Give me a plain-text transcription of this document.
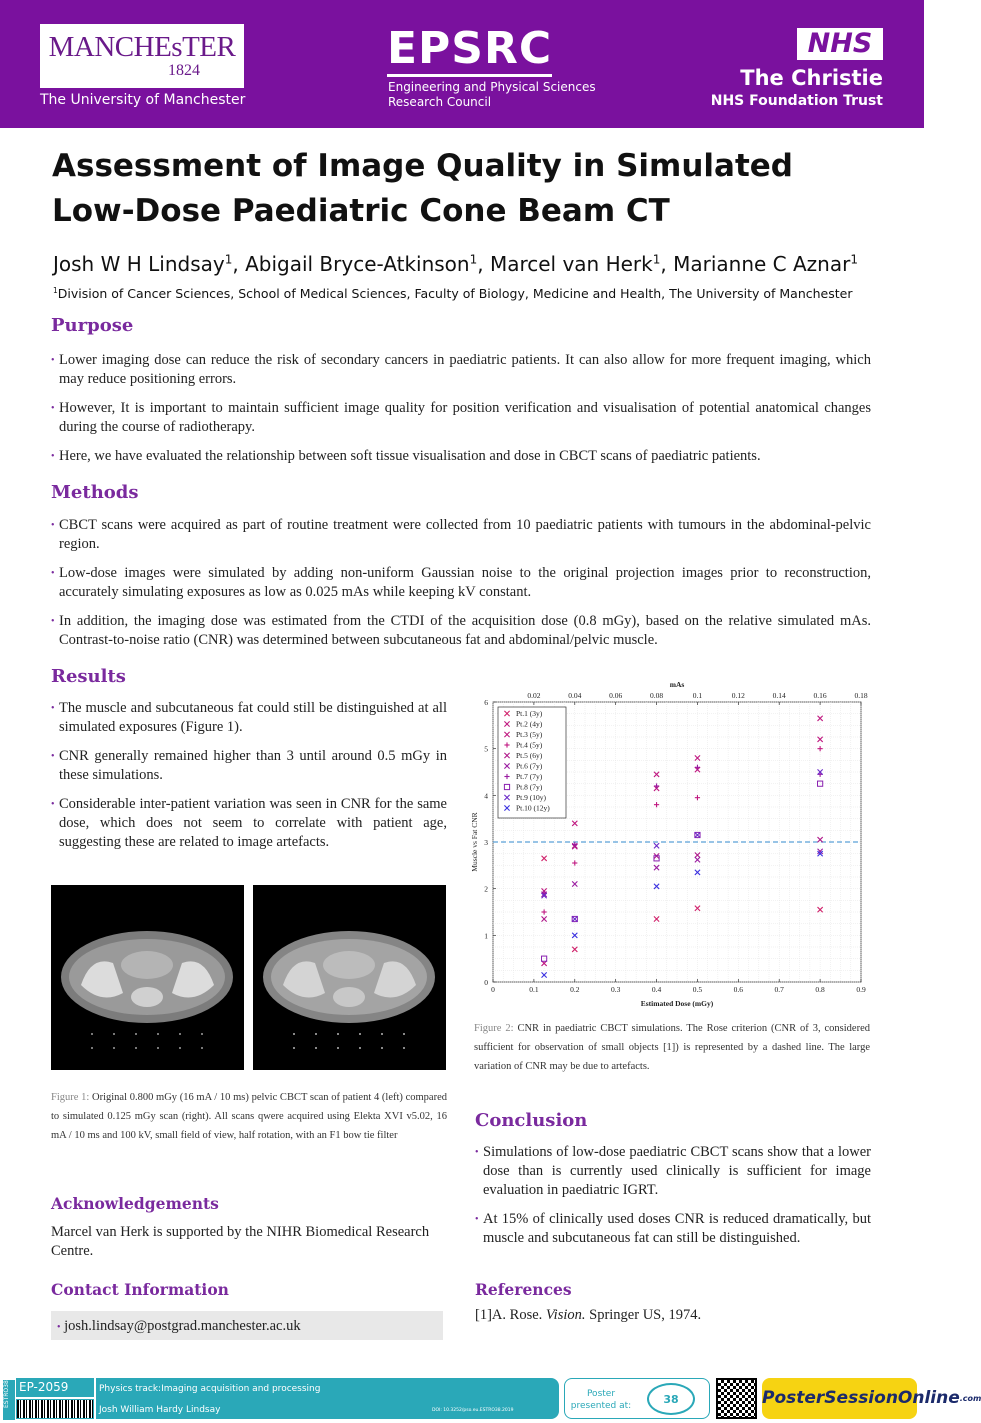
MANCHEsTER
1824
The University of Manchester
EPSRC
Engineering and Physical Sciences
Research Council
NHS
The Christie
NHS Foundation Trust
Assessment of Image Quality in Simulated
Low-Dose Paediatric Cone Beam CT
Josh W H Lindsay$^1$, Abigail Bryce-Atkinson$^1$, Marcel van Herk$^1$, Marianne C Aznar$^1$
$^1$Division of Cancer Sciences, School of Medical Sciences, Faculty of Biology, Medicine and Health, The University of Manchester
Purpose
• Lower imaging dose can reduce the risk of secondary cancers in paediatric patients. It can also allow for more frequent imaging, which may reduce positioning errors.
• However, It is important to maintain sufficient image quality for position verification and visualisation of potential anatomical changes during the course of radiotherapy.
• Here, we have evaluated the relationship between soft tissue visualisation and dose in CBCT scans of paediatric patients.
Methods
• CBCT scans were acquired as part of routine treatment were collected from 10 paediatric patients with tumours in the abdominal-pelvic region.
• Low-dose images were simulated by adding non-uniform Gaussian noise to the original projection images prior to reconstruction, accurately simulating exposures as low as 0.025 mAs while keeping kV constant.
• In addition, the imaging dose was estimated from the CTDI of the acquisition dose (0.8 mGy), based on the relative simulated mAs. Contrast-to-noise ratio (CNR) was determined between subcutaneous fat and abdominal/pelvic muscle.
Results
• The muscle and subcutaneous fat could still be distinguished at all simulated exposures (Figure 1).
• CNR generally remained higher than 3 until around 0.5 mGy in these simulations.
• Considerable inter-patient variation was seen in CNR for the same dose, which does not seem to correlate with patient age, suggesting these are related to image artefacts.
Figure 1: Original 0.800 mGy (16 mA / 10 ms) pelvic CBCT scan of patient 4 (left) compared to simulated 0.125 mGy scan (right). All scans qwere acquired using Elekta XVI v5.02, 16 mA / 10 ms and 100 kV, small field of view, half rotation, with an F1 bow tie filter
0	0.1	0.2	0.3	0.4	0.5	0.6	0.7	0.8	0.9
0
1
2
3
4
5
6
0.02	0.04	0.06	0.08	0.1	0.12	0.14	0.16	0.18
mAs
Estimated Dose (mGy)
Muscle vs Fat CNR
Pt.1 (3y)
Pt.2 (4y)
Pt.3 (5y)
Pt.4 (5y)
Pt.5 (6y)
Pt.6 (7y)
Pt.7 (7y)
Pt.8 (7y)
Pt.9 (10y)
Pt.10 (12y)
Figure 2: CNR in paediatric CBCT simulations. The Rose criterion (CNR of 3, considered sufficient for observation of small objects [1]) is represented by a dashed line. The large variation of CNR may be due to artefacts.
Conclusion
• Simulations of low-dose paediatric CBCT scans show that a lower dose than is currently used clinically is sufficient for image evaluation in paediatric IGRT.
• At 15% of clinically used doses CNR is reduced dramatically, but muscle and subcutaneous fat can still be distinguished.
Acknowledgements
Marcel van Herk is supported by the NIHR Biomedical Research Centre.
Contact Information
• josh.lindsay@postgrad.manchester.ac.uk
References
[1]A. Rose. Vision. Springer US, 1974.
ESTRO38 EP-2059	Physics track:Imaging acquisition and processing
Josh William Hardy Lindsay	DOI: 10.3252/pso.eu.ESTRO38.2019
Poster
presented at:	38	PosterSessionOnline$^{.com}$
